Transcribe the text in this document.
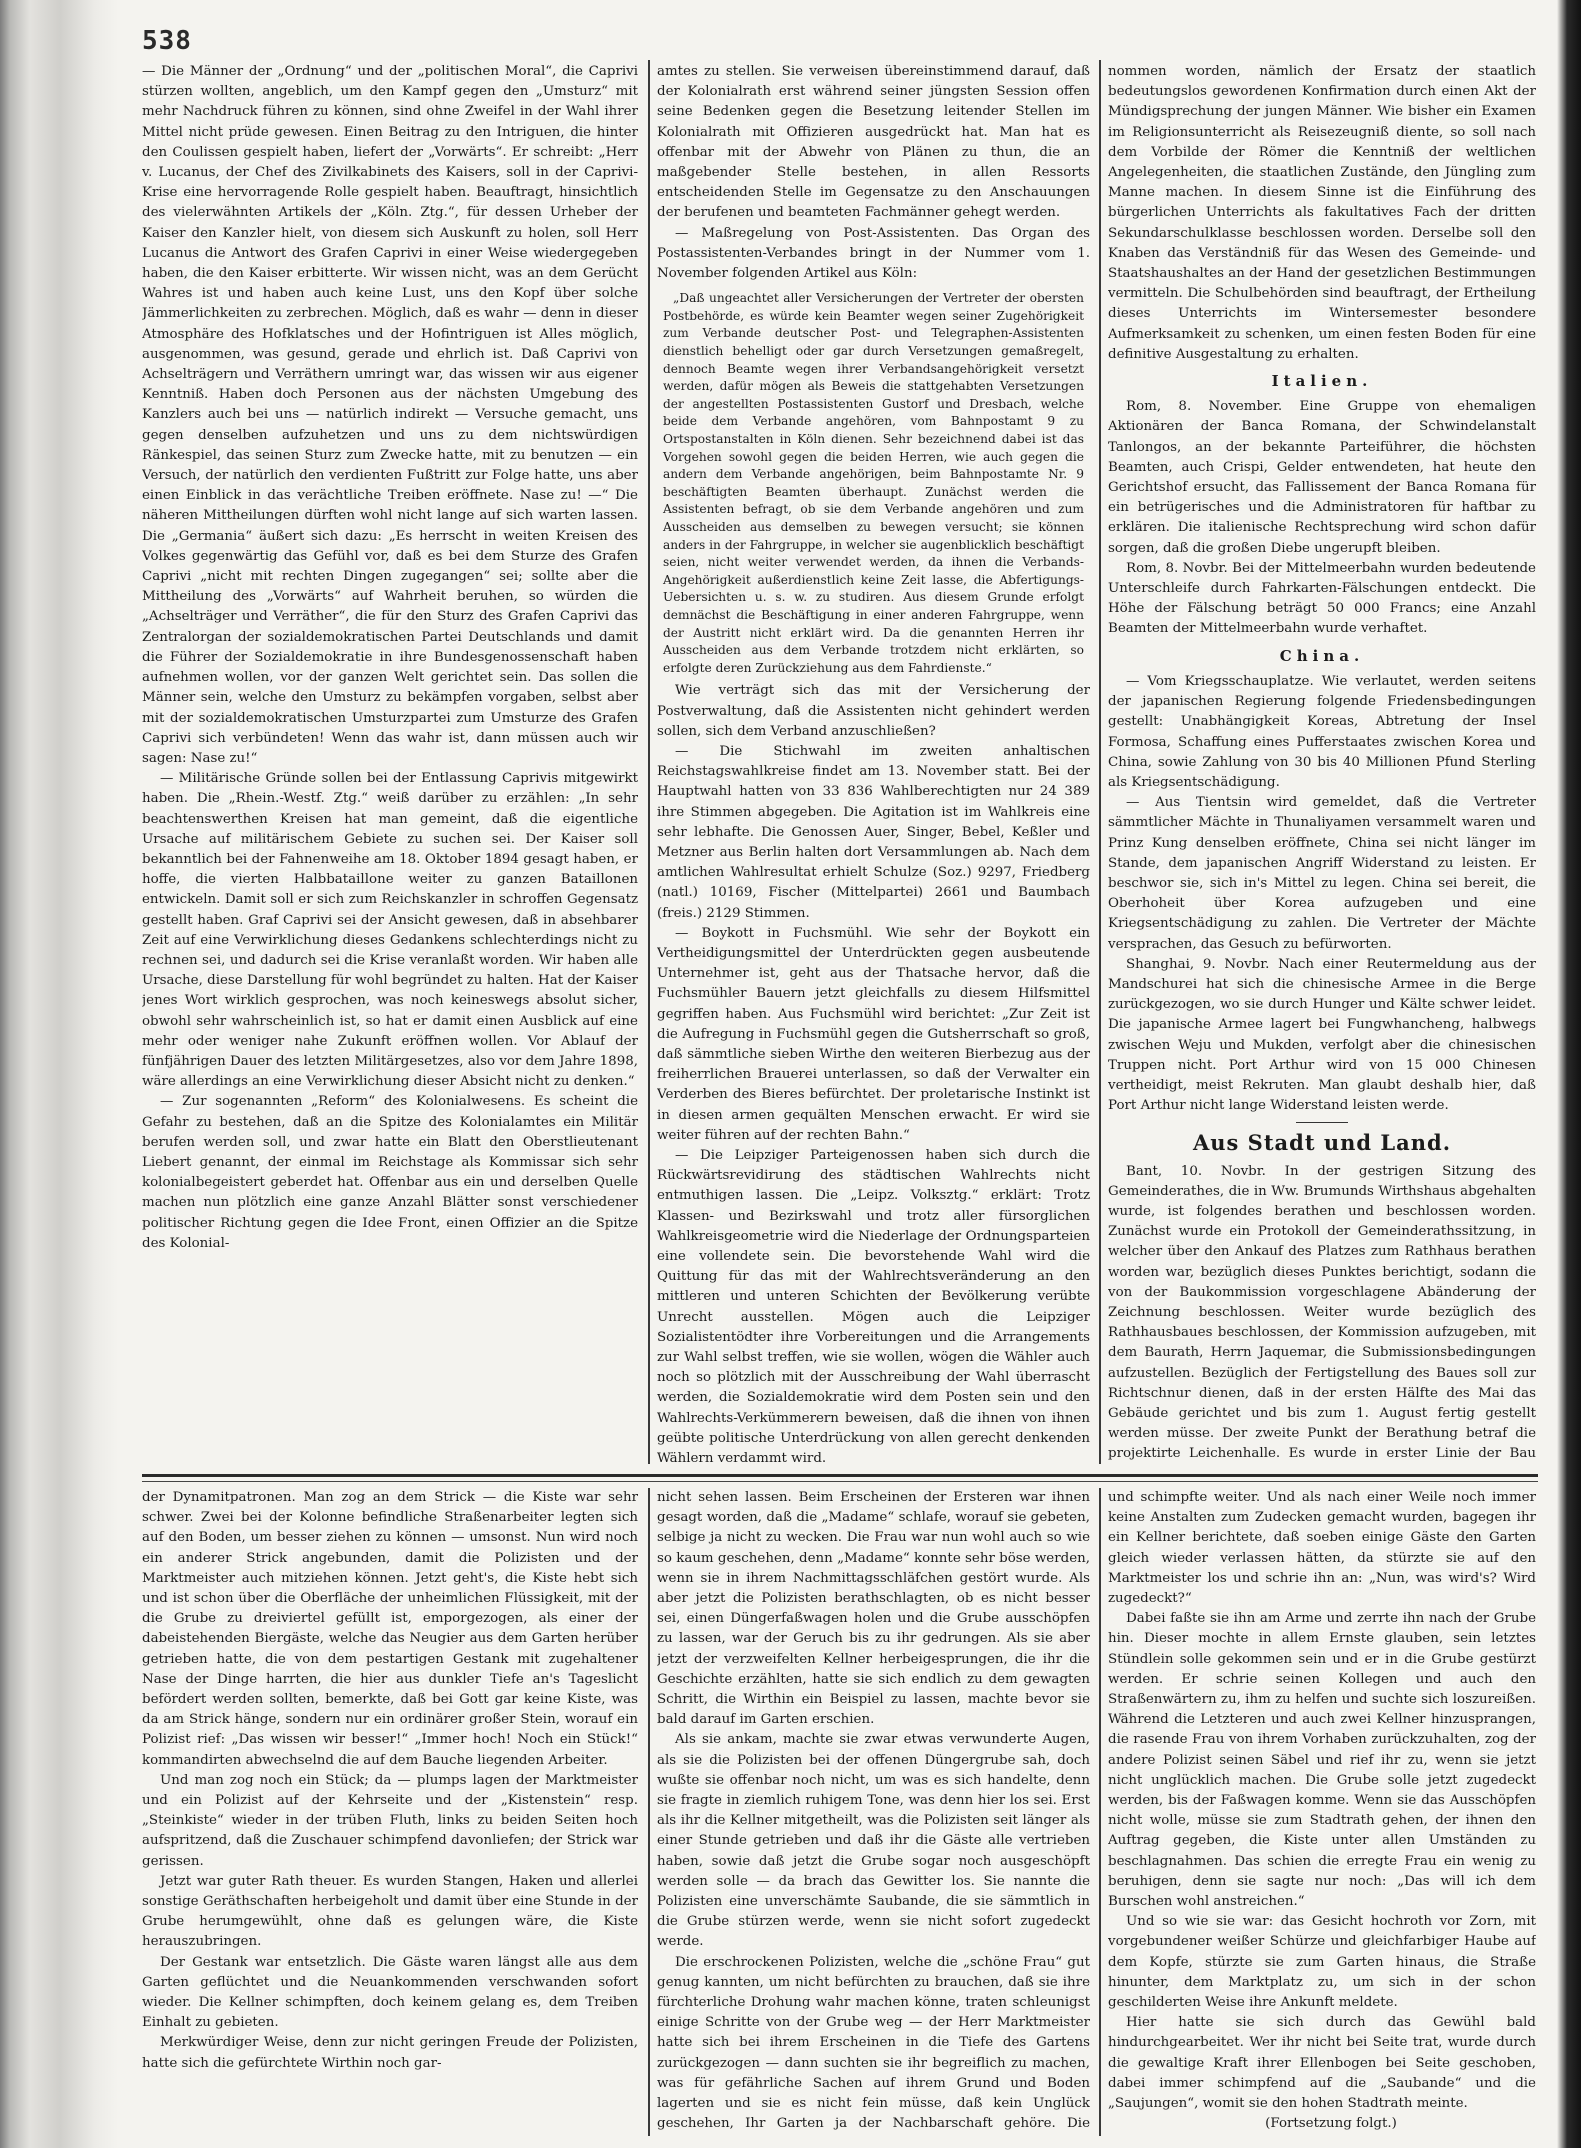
538

— Die Männer der „Ordnung“ und der „politischen Moral“, die Caprivi stürzen wollten, angeblich, um den Kampf gegen den „Umsturz“ mit mehr Nachdruck führen zu können, sind ohne Zweifel in der Wahl ihrer Mittel nicht prüde gewesen. Einen Beitrag zu den Intriguen, die hinter den Coulissen gespielt haben, liefert der „Vorwärts“. Er schreibt: „Herr v. Lucanus, der Chef des Zivilkabinets des Kaisers, soll in der Caprivi-Krise eine hervorragende Rolle gespielt haben. Beauftragt, hinsichtlich des vielerwähnten Artikels der „Köln. Ztg.“, für dessen Urheber der Kaiser den Kanzler hielt, von diesem sich Auskunft zu holen, soll Herr Lucanus die Antwort des Grafen Caprivi in einer Weise wiedergegeben haben, die den Kaiser erbitterte. Wir wissen nicht, was an dem Gerücht Wahres ist und haben auch keine Lust, uns den Kopf über solche Jämmerlichkeiten zu zerbrechen. Möglich, daß es wahr — denn in dieser Atmosphäre des Hofklatsches und der Hofintriguen ist Alles möglich, ausgenommen, was gesund, gerade und ehrlich ist. Daß Caprivi von Achselträgern und Verräthern umringt war, das wissen wir aus eigener Kenntniß. Haben doch Personen aus der nächsten Umgebung des Kanzlers auch bei uns — natürlich indirekt — Versuche gemacht, uns gegen denselben aufzuhetzen und uns zu dem nichtswürdigen Ränkespiel, das seinen Sturz zum Zwecke hatte, mit zu benutzen — ein Versuch, der natürlich den verdienten Fußtritt zur Folge hatte, uns aber einen Einblick in das verächtliche Treiben eröffnete. Nase zu! —“ Die näheren Mittheilungen dürften wohl nicht lange auf sich warten lassen. Die „Germania“ äußert sich dazu: „Es herrscht in weiten Kreisen des Volkes gegenwärtig das Gefühl vor, daß es bei dem Sturze des Grafen Caprivi „nicht mit rechten Dingen zugegangen“ sei; sollte aber die Mittheilung des „Vorwärts“ auf Wahrheit beruhen, so würden die „Achselträger und Verräther“, die für den Sturz des Grafen Caprivi das Zentralorgan der sozialdemokratischen Partei Deutschlands und damit die Führer der Sozialdemokratie in ihre Bundesgenossenschaft haben aufnehmen wollen, vor der ganzen Welt gerichtet sein. Das sollen die Männer sein, welche den Umsturz zu bekämpfen vorgaben, selbst aber mit der sozialdemokratischen Umsturzpartei zum Umsturze des Grafen Caprivi sich verbündeten! Wenn das wahr ist, dann müssen auch wir sagen: Nase zu!“

— Militärische Gründe sollen bei der Entlassung Caprivis mitgewirkt haben. Die „Rhein.-Westf. Ztg.“ weiß darüber zu erzählen: „In sehr beachtenswerthen Kreisen hat man gemeint, daß die eigentliche Ursache auf militärischem Gebiete zu suchen sei. Der Kaiser soll bekanntlich bei der Fahnenweihe am 18. Oktober 1894 gesagt haben, er hoffe, die vierten Halbbataillone weiter zu ganzen Bataillonen entwickeln. Damit soll er sich zum Reichskanzler in schroffen Gegensatz gestellt haben. Graf Caprivi sei der Ansicht gewesen, daß in absehbarer Zeit auf eine Verwirklichung dieses Gedankens schlechterdings nicht zu rechnen sei, und dadurch sei die Krise veranlaßt worden. Wir haben alle Ursache, diese Darstellung für wohl begründet zu halten. Hat der Kaiser jenes Wort wirklich gesprochen, was noch keineswegs absolut sicher, obwohl sehr wahrscheinlich ist, so hat er damit einen Ausblick auf eine mehr oder weniger nahe Zukunft eröffnen wollen. Vor Ablauf der fünfjährigen Dauer des letzten Militärgesetzes, also vor dem Jahre 1898, wäre allerdings an eine Verwirklichung dieser Absicht nicht zu denken.“

— Zur sogenannten „Reform“ des Kolonialwesens. Es scheint die Gefahr zu bestehen, daß an die Spitze des Kolonialamtes ein Militär berufen werden soll, und zwar hatte ein Blatt den Oberstlieutenant Liebert genannt, der einmal im Reichstage als Kommissar sich sehr kolonialbegeistert geberdet hat. Offenbar aus ein und derselben Quelle machen nun plötzlich eine ganze Anzahl Blätter sonst verschiedener politischer Richtung gegen die Idee Front, einen Offizier an die Spitze des Kolonial-

amtes zu stellen. Sie verweisen übereinstimmend darauf, daß der Kolonialrath erst während seiner jüngsten Session offen seine Bedenken gegen die Besetzung leitender Stellen im Kolonialrath mit Offizieren ausgedrückt hat. Man hat es offenbar mit der Abwehr von Plänen zu thun, die an maßgebender Stelle bestehen, in allen Ressorts entscheidenden Stelle im Gegensatze zu den Anschauungen der berufenen und beamteten Fachmänner gehegt werden.

— Maßregelung von Post-Assistenten. Das Organ des Postassistenten-Verbandes bringt in der Nummer vom 1. November folgenden Artikel aus Köln:

„Daß ungeachtet aller Versicherungen der Vertreter der obersten Postbehörde, es würde kein Beamter wegen seiner Zugehörigkeit zum Verbande deutscher Post- und Telegraphen-Assistenten dienstlich behelligt oder gar durch Versetzungen gemaßregelt, dennoch Beamte wegen ihrer Verbandsangehörigkeit versetzt werden, dafür mögen als Beweis die stattgehabten Versetzungen der angestellten Postassistenten Gustorf und Dresbach, welche beide dem Verbande angehören, vom Bahnpostamt 9 zu Ortspostanstalten in Köln dienen. Sehr bezeichnend dabei ist das Vorgehen sowohl gegen die beiden Herren, wie auch gegen die andern dem Verbande angehörigen, beim Bahnpostamte Nr. 9 beschäftigten Beamten überhaupt. Zunächst werden die Assistenten befragt, ob sie dem Verbande angehören und zum Ausscheiden aus demselben zu bewegen versucht; sie können anders in der Fahrgruppe, in welcher sie augenblicklich beschäftigt seien, nicht weiter verwendet werden, da ihnen die Verbands-Angehörigkeit außerdienstlich keine Zeit lasse, die Abfertigungs-Uebersichten u. s. w. zu studiren. Aus diesem Grunde erfolgt demnächst die Beschäftigung in einer anderen Fahrgruppe, wenn der Austritt nicht erklärt wird. Da die genannten Herren ihr Ausscheiden aus dem Verbande trotzdem nicht erklärten, so erfolgte deren Zurückziehung aus dem Fahrdienste.“

Wie verträgt sich das mit der Versicherung der Postverwaltung, daß die Assistenten nicht gehindert werden sollen, sich dem Verband anzuschließen?

— Die Stichwahl im zweiten anhaltischen Reichstagswahlkreise findet am 13. November statt. Bei der Hauptwahl hatten von 33 836 Wahlberechtigten nur 24 389 ihre Stimmen abgegeben. Die Agitation ist im Wahlkreis eine sehr lebhafte. Die Genossen Auer, Singer, Bebel, Keßler und Metzner aus Berlin halten dort Versammlungen ab. Nach dem amtlichen Wahlresultat erhielt Schulze (Soz.) 9297, Friedberg (natl.) 10169, Fischer (Mittelpartei) 2661 und Baumbach (freis.) 2129 Stimmen.

— Boykott in Fuchsmühl. Wie sehr der Boykott ein Vertheidigungsmittel der Unterdrückten gegen ausbeutende Unternehmer ist, geht aus der Thatsache hervor, daß die Fuchsmühler Bauern jetzt gleichfalls zu diesem Hilfsmittel gegriffen haben. Aus Fuchsmühl wird berichtet: „Zur Zeit ist die Aufregung in Fuchsmühl gegen die Gutsherrschaft so groß, daß sämmtliche sieben Wirthe den weiteren Bierbezug aus der freiherrlichen Brauerei unterlassen, so daß der Verwalter ein Verderben des Bieres befürchtet. Der proletarische Instinkt ist in diesen armen gequälten Menschen erwacht. Er wird sie weiter führen auf der rechten Bahn.“

— Die Leipziger Parteigenossen haben sich durch die Rückwärtsrevidirung des städtischen Wahlrechts nicht entmuthigen lassen. Die „Leipz. Volksztg.“ erklärt: Trotz Klassen- und Bezirkswahl und trotz aller fürsorglichen Wahlkreisgeometrie wird die Niederlage der Ordnungsparteien eine vollendete sein. Die bevorstehende Wahl wird die Quittung für das mit der Wahlrechtsveränderung an den mittleren und unteren Schichten der Bevölkerung verübte Unrecht ausstellen. Mögen auch die Leipziger Sozialistentödter ihre Vorbereitungen und die Arrangements zur Wahl selbst treffen, wie sie wollen, wögen die Wähler auch noch so plötzlich mit der Ausschreibung der Wahl überrascht werden, die Sozialdemokratie wird dem Posten sein und den Wahlrechts-Verkümmerern beweisen, daß die ihnen von ihnen geübte politische Unterdrückung von allen gerecht denkenden Wählern verdammt wird.

nommen worden, nämlich der Ersatz der staatlich bedeutungslos gewordenen Konfirmation durch einen Akt der Mündigsprechung der jungen Männer. Wie bisher ein Examen im Religionsunterricht als Reisezeugniß diente, so soll nach dem Vorbilde der Römer die Kenntniß der weltlichen Angelegenheiten, die staatlichen Zustände, den Jüngling zum Manne machen. In diesem Sinne ist die Einführung des bürgerlichen Unterrichts als fakultatives Fach der dritten Sekundarschulklasse beschlossen worden. Derselbe soll den Knaben das Verständniß für das Wesen des Gemeinde- und Staatshaushaltes an der Hand der gesetzlichen Bestimmungen vermitteln. Die Schulbehörden sind beauftragt, der Ertheilung dieses Unterrichts im Wintersemester besondere Aufmerksamkeit zu schenken, um einen festen Boden für eine definitive Ausgestaltung zu erhalten.

Italien.

Rom, 8. November. Eine Gruppe von ehemaligen Aktionären der Banca Romana, der Schwindelanstalt Tanlongos, an der bekannte Parteiführer, die höchsten Beamten, auch Crispi, Gelder entwendeten, hat heute den Gerichtshof ersucht, das Fallissement der Banca Romana für ein betrügerisches und die Administratoren für haftbar zu erklären. Die italienische Rechtsprechung wird schon dafür sorgen, daß die großen Diebe ungerupft bleiben.

Rom, 8. Novbr. Bei der Mittelmeerbahn wurden bedeutende Unterschleife durch Fahrkarten-Fälschungen entdeckt. Die Höhe der Fälschung beträgt 50 000 Francs; eine Anzahl Beamten der Mittelmeerbahn wurde verhaftet.

China.

— Vom Kriegsschauplatze. Wie verlautet, werden seitens der japanischen Regierung folgende Friedensbedingungen gestellt: Unabhängigkeit Koreas, Abtretung der Insel Formosa, Schaffung eines Pufferstaates zwischen Korea und China, sowie Zahlung von 30 bis 40 Millionen Pfund Sterling als Kriegsentschädigung.

— Aus Tientsin wird gemeldet, daß die Vertreter sämmtlicher Mächte in Thunaliyamen versammelt waren und Prinz Kung denselben eröffnete, China sei nicht länger im Stande, dem japanischen Angriff Widerstand zu leisten. Er beschwor sie, sich in's Mittel zu legen. China sei bereit, die Oberhoheit über Korea aufzugeben und eine Kriegsentschädigung zu zahlen. Die Vertreter der Mächte versprachen, das Gesuch zu befürworten.

Shanghai, 9. Novbr. Nach einer Reutermeldung aus der Mandschurei hat sich die chinesische Armee in die Berge zurückgezogen, wo sie durch Hunger und Kälte schwer leidet. Die japanische Armee lagert bei Fungwhancheng, halbwegs zwischen Weju und Mukden, verfolgt aber die chinesischen Truppen nicht. Port Arthur wird von 15 000 Chinesen vertheidigt, meist Rekruten. Man glaubt deshalb hier, daß Port Arthur nicht lange Widerstand leisten werde.

Aus Stadt und Land.

Bant, 10. Novbr. In der gestrigen Sitzung des Gemeinderathes, die in Ww. Brumunds Wirthshaus abgehalten wurde, ist folgendes berathen und beschlossen worden. Zunächst wurde ein Protokoll der Gemeinderathssitzung, in welcher über den Ankauf des Platzes zum Rathhaus berathen worden war, bezüglich dieses Punktes berichtigt, sodann die von der Baukommission vorgeschlagene Abänderung der Zeichnung beschlossen. Weiter wurde bezüglich des Rathhausbaues beschlossen, der Kommission aufzugeben, mit dem Baurath, Herrn Jaquemar, die Submissionsbedingungen aufzustellen. Bezüglich der Fertigstellung des Baues soll zur Richtschnur dienen, daß in der ersten Hälfte des Mai das Gebäude gerichtet und bis zum 1. August fertig gestellt werden müsse. Der zweite Punkt der Berathung betraf die projektirte Leichenhalle. Es wurde in erster Linie der Bau

der Dynamitpatronen. Man zog an dem Strick — die Kiste war sehr schwer. Zwei bei der Kolonne befindliche Straßenarbeiter legten sich auf den Boden, um besser ziehen zu können — umsonst. Nun wird noch ein anderer Strick angebunden, damit die Polizisten und der Marktmeister auch mitziehen können. Jetzt geht's, die Kiste hebt sich und ist schon über die Oberfläche der unheimlichen Flüssigkeit, mit der die Grube zu dreiviertel gefüllt ist, emporgezogen, als einer der dabeistehenden Biergäste, welche das Neugier aus dem Garten herüber getrieben hatte, die von dem pestartigen Gestank mit zugehaltener Nase der Dinge harrten, die hier aus dunkler Tiefe an's Tageslicht befördert werden sollten, bemerkte, daß bei Gott gar keine Kiste, was da am Strick hänge, sondern nur ein ordinärer großer Stein, worauf ein Polizist rief: „Das wissen wir besser!“ „Immer hoch! Noch ein Stück!“ kommandirten abwechselnd die auf dem Bauche liegenden Arbeiter.

Und man zog noch ein Stück; da — plumps lagen der Marktmeister und ein Polizist auf der Kehrseite und der „Kistenstein“ resp. „Steinkiste“ wieder in der trüben Fluth, links zu beiden Seiten hoch aufspritzend, daß die Zuschauer schimpfend davonliefen; der Strick war gerissen.

Jetzt war guter Rath theuer. Es wurden Stangen, Haken und allerlei sonstige Geräthschaften herbeigeholt und damit über eine Stunde in der Grube herumgewühlt, ohne daß es gelungen wäre, die Kiste herauszubringen.

Der Gestank war entsetzlich. Die Gäste waren längst alle aus dem Garten geflüchtet und die Neuankommenden verschwanden sofort wieder. Die Kellner schimpften, doch keinem gelang es, dem Treiben Einhalt zu gebieten.

Merkwürdiger Weise, denn zur nicht geringen Freude der Polizisten, hatte sich die gefürchtete Wirthin noch gar-

nicht sehen lassen. Beim Erscheinen der Ersteren war ihnen gesagt worden, daß die „Madame“ schlafe, worauf sie gebeten, selbige ja nicht zu wecken. Die Frau war nun wohl auch so wie so kaum geschehen, denn „Madame“ konnte sehr böse werden, wenn sie in ihrem Nachmittagsschläfchen gestört wurde. Als aber jetzt die Polizisten berathschlagten, ob es nicht besser sei, einen Düngerfaßwagen holen und die Grube ausschöpfen zu lassen, war der Geruch bis zu ihr gedrungen. Als sie aber jetzt der verzweifelten Kellner herbeigesprungen, die ihr die Geschichte erzählten, hatte sie sich endlich zu dem gewagten Schritt, die Wirthin ein Beispiel zu lassen, machte bevor sie bald darauf im Garten erschien.

Als sie ankam, machte sie zwar etwas verwunderte Augen, als sie die Polizisten bei der offenen Düngergrube sah, doch wußte sie offenbar noch nicht, um was es sich handelte, denn sie fragte in ziemlich ruhigem Tone, was denn hier los sei. Erst als ihr die Kellner mitgetheilt, was die Polizisten seit länger als einer Stunde getrieben und daß ihr die Gäste alle vertrieben haben, sowie daß jetzt die Grube sogar noch ausgeschöpft werden solle — da brach das Gewitter los. Sie nannte die Polizisten eine unverschämte Saubande, die sie sämmtlich in die Grube stürzen werde, wenn sie nicht sofort zugedeckt werde.

Die erschrockenen Polizisten, welche die „schöne Frau“ gut genug kannten, um nicht befürchten zu brauchen, daß sie ihre fürchterliche Drohung wahr machen könne, traten schleunigst einige Schritte von der Grube weg — der Herr Marktmeister hatte sich bei ihrem Erscheinen in die Tiefe des Gartens zurückgezogen — dann suchten sie ihr begreiflich zu machen, was für gefährliche Sachen auf ihrem Grund und Boden lagerten und sie es nicht fein müsse, daß kein Unglück geschehen, Ihr Garten ja der Nachbarschaft gehöre. Die

und schimpfte weiter. Und als nach einer Weile noch immer keine Anstalten zum Zudecken gemacht wurden, bagegen ihr ein Kellner berichtete, daß soeben einige Gäste den Garten gleich wieder verlassen hätten, da stürzte sie auf den Marktmeister los und schrie ihn an: „Nun, was wird's? Wird zugedeckt?“

Dabei faßte sie ihn am Arme und zerrte ihn nach der Grube hin. Dieser mochte in allem Ernste glauben, sein letztes Stündlein solle gekommen sein und er in die Grube gestürzt werden. Er schrie seinen Kollegen und auch den Straßenwärtern zu, ihm zu helfen und suchte sich loszureißen. Während die Letzteren und auch zwei Kellner hinzusprangen, die rasende Frau von ihrem Vorhaben zurückzuhalten, zog der andere Polizist seinen Säbel und rief ihr zu, wenn sie jetzt nicht unglücklich machen. Die Grube solle jetzt zugedeckt werden, bis der Faßwagen komme. Wenn sie das Ausschöpfen nicht wolle, müsse sie zum Stadtrath gehen, der ihnen den Auftrag gegeben, die Kiste unter allen Umständen zu beschlagnahmen. Das schien die erregte Frau ein wenig zu beruhigen, denn sie sagte nur noch: „Das will ich dem Burschen wohl anstreichen.“

Und so wie sie war: das Gesicht hochroth vor Zorn, mit vorgebundener weißer Schürze und gleichfarbiger Haube auf dem Kopfe, stürzte sie zum Garten hinaus, die Straße hinunter, dem Marktplatz zu, um sich in der schon geschilderten Weise ihre Ankunft meldete.

Hier hatte sie sich durch das Gewühl bald hindurchgearbeitet. Wer ihr nicht bei Seite trat, wurde durch die gewaltige Kraft ihrer Ellenbogen bei Seite geschoben, dabei immer schimpfend auf die „Saubande“ und die „Saujungen“, womit sie den hohen Stadtrath meinte.

(Fortsetzung folgt.)
